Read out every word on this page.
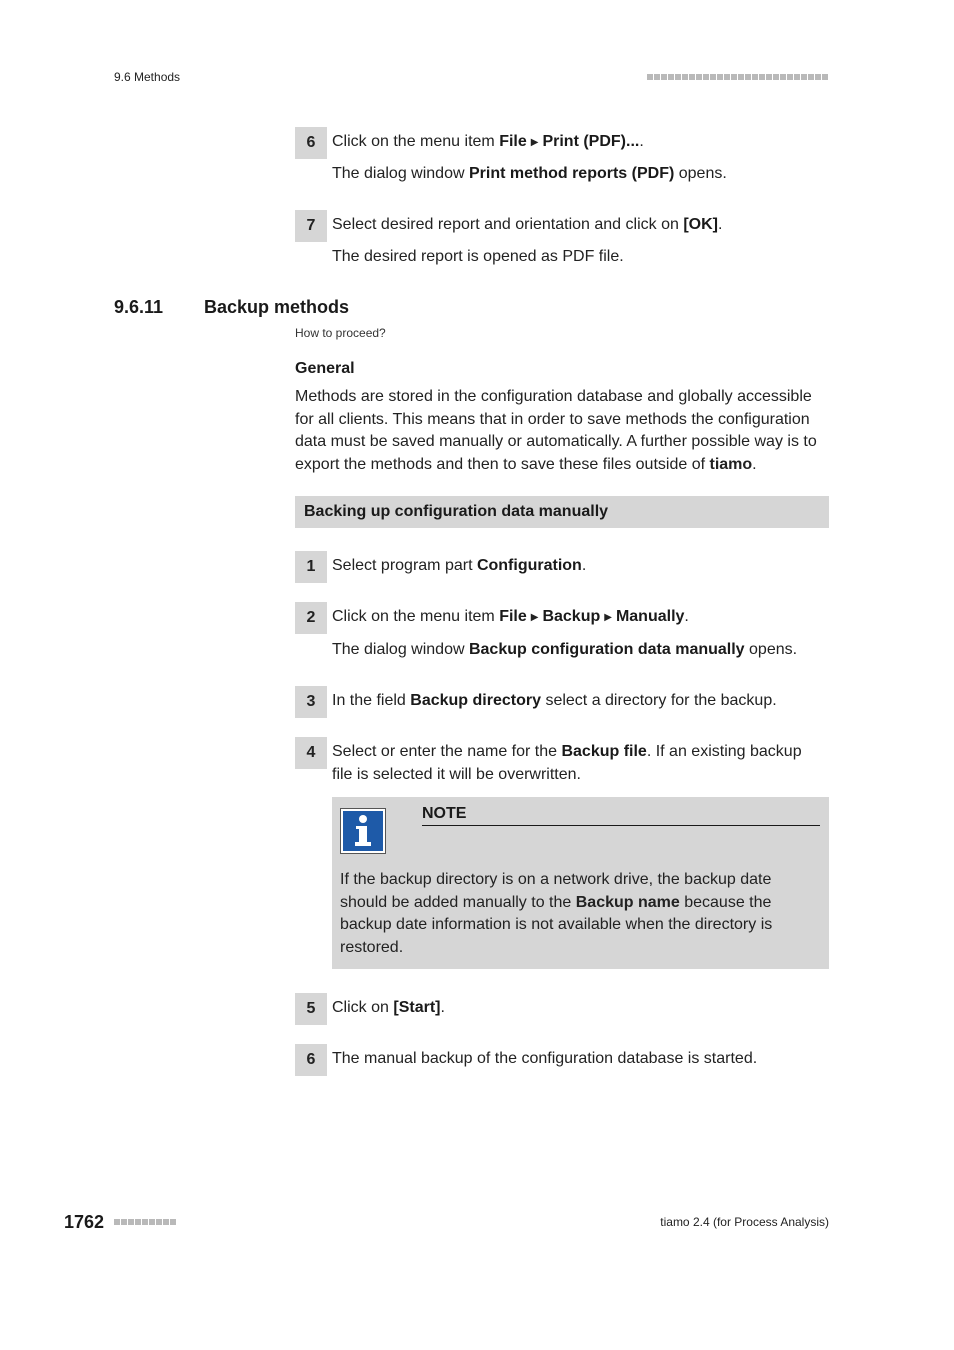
9.6 Methods
6	Click on the menu item File ▶ Print (PDF)....
The dialog window Print method reports (PDF) opens.
7	Select desired report and orientation and click on [OK].
The desired report is opened as PDF file.
9.6.11 Backup methods
How to proceed?
General
Methods are stored in the configuration database and globally accessible for all clients. This means that in order to save methods the configuration data must be saved manually or automatically. A further possible way is to export the methods and then to save these files outside of tiamo.
Backing up configuration data manually
1	Select program part Configuration.
2	Click on the menu item File ▶ Backup ▶ Manually.
The dialog window Backup configuration data manually opens.
3	In the field Backup directory select a directory for the backup.
4	Select or enter the name for the Backup file. If an existing backup file is selected it will be overwritten.
NOTE
If the backup directory is on a network drive, the backup date should be added manually to the Backup name because the backup date information is not available when the directory is restored.
5	Click on [Start].
6	The manual backup of the configuration database is started.
1762	tiamo 2.4 (for Process Analysis)
